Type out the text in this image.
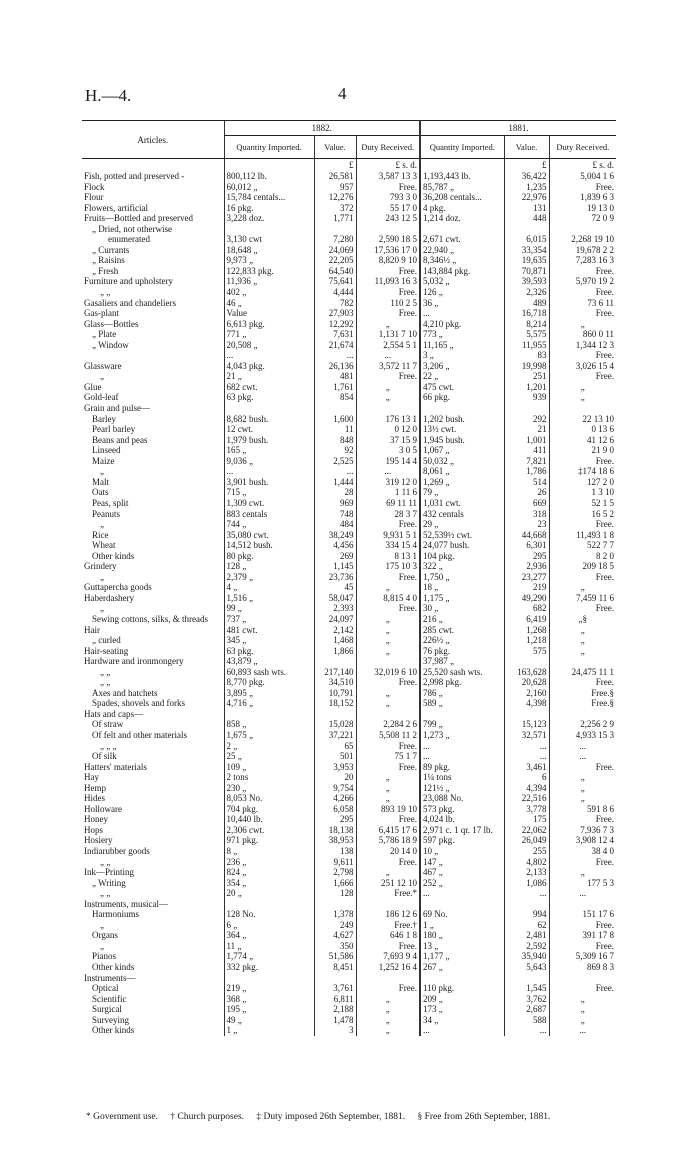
H.—4.	4
Articles.	1882.			1881.		
	Quantity Imported.	Value.	Duty Received.	Quantity Imported.	Value.	Duty Received.
		£	£ s. d.		£	£ s. d.
Fish, potted and preserved -	800,112 lb.	26,581	3,587 13 3	1,193,443 lb.	36,422	5,004 1 6
Flock	60,012 „	957	Free.	85,787 „	1,235	Free.
Flour	15,784 centals...	12,276	793 3 0	36,208 centals...	22,976	1,839 6 3
Flowers, artificial	16 pkg.	372	55 17 0	4 pkg.	131	19 13 0
Fruits—Bottled and preserved	3,228 doz.	1,771	243 12 5	1,214 doz.	448	72 0 9
„ Dried, not otherwise						
enumerated	3,130 cwt	7,280	2,590 18 5	2,671 cwt.	6,015	2,268 19 10
„ Currants	18,648 „	24,069	17,536 17 0	22,940 „	33,354	19,678 2 2
„ Raisins	9,973 „	22,205	8,820 9 10	8,346½ „	19,635	7,283 16 3
„ Fresh	122,833 pkg.	64,540	Free.	143,884 pkg.	70,871	Free.
Furniture and upholstery	11,936 „	75,641	11,093 16 3	5,032 „	39,593	5,970 19 2
„ „	402 „	4,444	Free.	126 „	2,326	Free.
Gasaliers and chandeliers	46 „	782	110 2 5	36 „	489	73 6 11
Gas-plant	Value	27,903	Free.	...	16,718	Free.
Glass—Bottles	6,613 pkg.	12,292	„	4,210 pkg.	8,214	„
„ Plate	771 „	7,631	1,131 7 10	773 „	5,575	860 0 11
„ Window	20,508 „	21,674	2,554 5 1	11,165 „	11,955	1,344 12 3
	...	...	...	3 „	83	Free.
Glassware	4,043 pkg.	26,136	3,572 11 7	3,206 „	19,998	3,026 15 4
„	21 „	481	Free.	22 „	251	Free.
Glue	682 cwt.	1,761	„	475 cwt.	1,201	„
Gold-leaf	63 pkg.	854	„	66 pkg.	939	„
Grain and pulse—						
Barley	8,682 bush.	1,600	176 13 1	1,202 bush.	292	22 13 10
Pearl barley	12 cwt.	11	0 12 0	13½ cwt.	21	0 13 6
Beans and peas	1,979 bush.	848	37 15 9	1,945 bush.	1,001	41 12 6
Linseed	165 „	92	3 0 5	1,067 „	411	21 9 0
Maize	9,036 „	2,525	195 14 4	50,032 „	7,821	Free.
„	...	...	...	8,061 „	1,786	‡174 18 6
Malt	3,901 bush.	1,444	319 12 0	1,269 „	514	127 2 0
Oats	715 „	28	1 11 6	79 „	26	1 3 10
Peas, split	1,309 cwt.	969	69 11 11	1,031 cwt.	669	52 1 5
Peanuts	883 centals	748	28 3 7	432 centals	318	16 5 2
„	744 „	484	Free.	29 „	23	Free.
Rice	35,080 cwt.	38,249	9,931 5 1	52,539½ cwt.	44,668	11,493 1 8
Wheat	14,512 bush.	4,456	334 15 4	24,077 bush.	6,301	522 7 7
Other kinds	80 pkg.	269	8 13 1	104 pkg.	295	8 2 0
Grindery	128 „	1,145	175 10 3	322 „	2,936	209 18 5
„	2,379 „	23,736	Free.	1,750 „	23,277	Free.
Guttapercha goods	4 „	45	„	18 „	219	„
Haberdashery	1,516 „	58,047	8,815 4 0	1,175 „	49,290	7,459 11 6
„	99 „	2,393	Free.	30 „	682	Free.
Sewing cottons, silks, & threads	737 „	24,097	„	216 „	6,419	„§
Hair	481 cwt.	2,142	„	285 cwt.	1,268	„
„ curled	345 „	1,468	„	226½ „	1,218	„
Hair-seating	63 pkg.	1,866	„	76 pkg.	575	„
Hardware and ironmongery	43,879 „			37,987 „		
„ „	60,893 sash wts.	217,140	32,019 6 10	25,520 sash wts.	163,628	24,475 11 1
„ „	8,770 pkg.	34,510	Free.	2,998 pkg.	20,628	Free.
Axes and hatchets	3,895 „	10,791	„	786 „	2,160	Free.§
Spades, shovels and forks	4,716 „	18,152	„	589 „	4,398	Free.§
Hats and caps—						
Of straw	858 „	15,028	2,284 2 6	799 „	15,123	2,256 2 9
Of felt and other materials	1,675 „	37,221	5,508 11 2	1,273 „	32,571	4,933 15 3
„ „ „	2 „	65	Free.	...	...	...
Of silk	25 „	501	75 1 7	...	...	...
Hatters' materials	109 „	3,953	Free.	89 pkg.	3,461	Free.
Hay	2 tons	20	„	1¼ tons	6	„
Hemp	230 „	9,754	„	121½ „	4,394	„
Hides	8,053 No.	4,266	„	23,088 No.	22,516	„
Holloware	704 pkg.	6,058	893 19 10	573 pkg.	3,778	591 8 6
Honey	10,440 lb.	295	Free.	4,024 lb.	175	Free.
Hops	2,306 cwt.	18,138	6,415 17 6	2,971 c. 1 qr. 17 lb.	22,062	7,936 7 3
Hosiery	971 pkg.	38,953	5,786 18 9	597 pkg.	26,049	3,908 12 4
Indiarubber goods	8 „	138	20 14 0	10 „	255	38 4 0
„ „	236 „	9,611	Free.	147 „	4,802	Free.
Ink—Printing	824 „	2,798	„	467 „	2,133	„
„ Writing	354 „	1,666	251 12 10	252 „	1,086	177 5 3
„ „	20 „	128	Free.*	...	...	...
Instruments, musical—						
Harmoniums	128 No.	1,378	186 12 6	69 No.	994	151 17 6
„	6 „	249	Free.†	1 „	62	Free.
Organs	364 „	4,627	646 1 8	180 „	2,481	391 17 8
„	11 „	350	Free.	13 „	2,592	Free.
Pianos	1,774 „	51,586	7,693 9 4	1,177 „	35,940	5,309 16 7
Other kinds	332 pkg.	8,451	1,252 16 4	267 „	5,643	869 8 3
Instruments—						
Optical	219 „	3,761	Free.	110 pkg.	1,545	Free.
Scientific	368 „	6,811	„	209 „	3,762	„
Surgical	195 „	2,188	„	173 „	2,687	„
Surveying	49 „	1,478	„	34 „	588	„
Other kinds	1 „	3	„	...	...	...
* Government use. † Church purposes. ‡ Duty imposed 26th September, 1881. § Free from 26th September, 1881.
